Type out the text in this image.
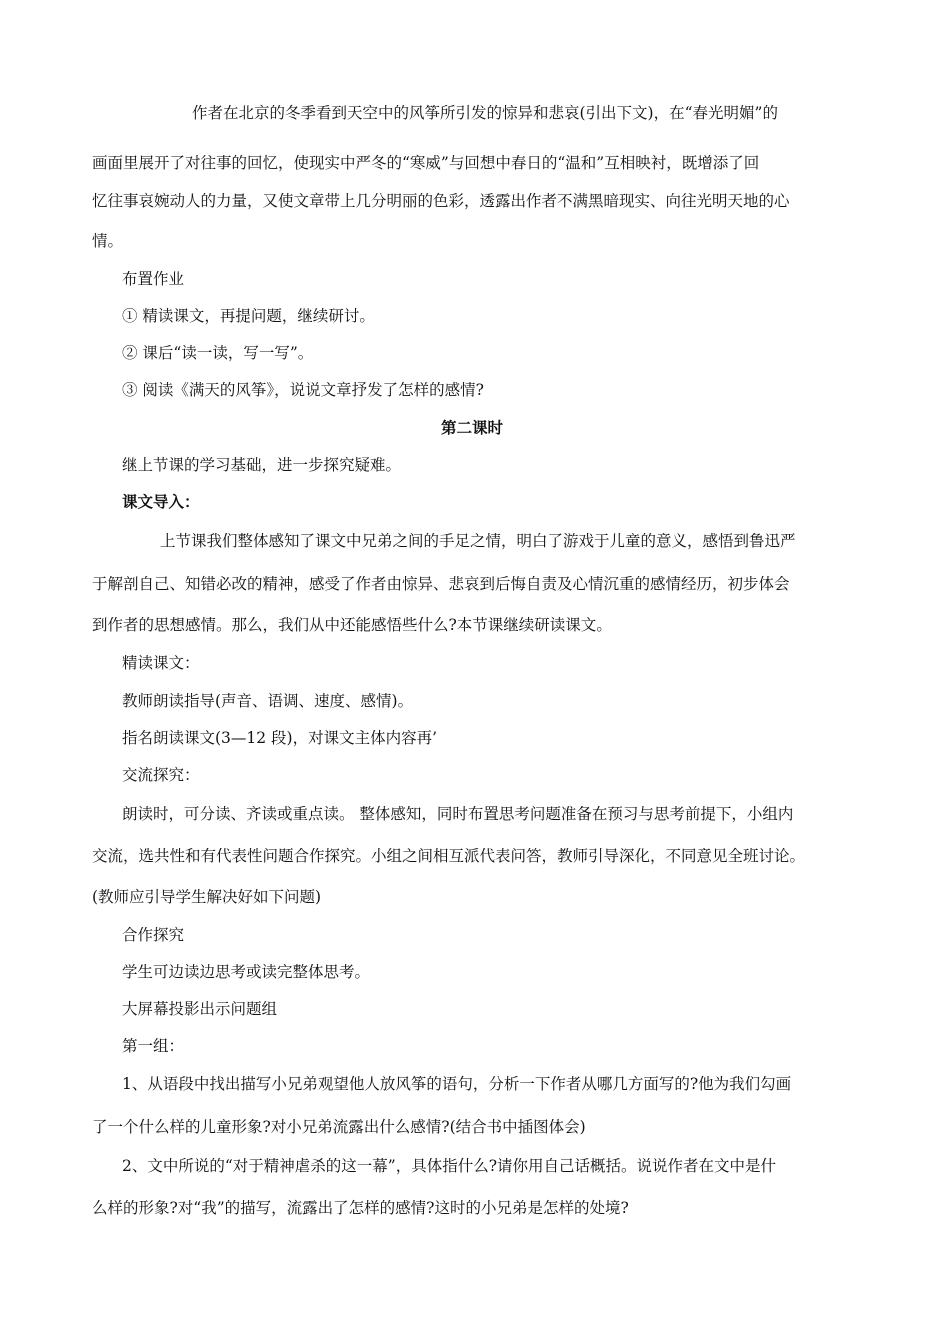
作者在北京的冬季看到天空中的风筝所引发的惊异和悲哀(引出下文)，在“春光明媚”的
画面里展开了对往事的回忆，使现实中严冬的“寒威”与回想中春日的“温和”互相映衬，既增添了回
忆往事哀婉动人的力量，又使文章带上几分明丽的色彩，透露出作者不满黑暗现实、向往光明天地的心
情。
布置作业
① 精读课文，再提问题，继续研讨。
② 课后“读一读，写一写”。
③ 阅读《满天的风筝》，说说文章抒发了怎样的感情?
第二课时
继上节课的学习基础，进一步探究疑难。
课文导入：
上节课我们整体感知了课文中兄弟之间的手足之情，明白了游戏于儿童的意义，感悟到鲁迅严
于解剖自己、知错必改的精神，感受了作者由惊异、悲哀到后悔自责及心情沉重的感情经历，初步体会
到作者的思想感情。那么，我们从中还能感悟些什么?本节课继续研读课文。
精读课文：
教师朗读指导(声音、语调、速度、感情)。
指名朗读课文(3—12 段)，对课文主体内容再’
交流探究：
朗读时，可分读、齐读或重点读。 整体感知，同时布置思考问题准备在预习与思考前提下，小组内
交流，选共性和有代表性问题合作探究。小组之间相互派代表问答，教师引导深化，不同意见全班讨论。
(教师应引导学生解决好如下问题)
合作探究
学生可边读边思考或读完整体思考。
大屏幕投影出示问题组
第一组：
1、从语段中找出描写小兄弟观望他人放风筝的语句，分析一下作者从哪几方面写的?他为我们勾画
了一个什么样的儿童形象?对小兄弟流露出什么感情?(结合书中插图体会)
2、文中所说的“对于精神虐杀的这一幕”，具体指什么?请你用自己话概括。说说作者在文中是什
么样的形象?对“我”的描写，流露出了怎样的感情?这时的小兄弟是怎样的处境?
